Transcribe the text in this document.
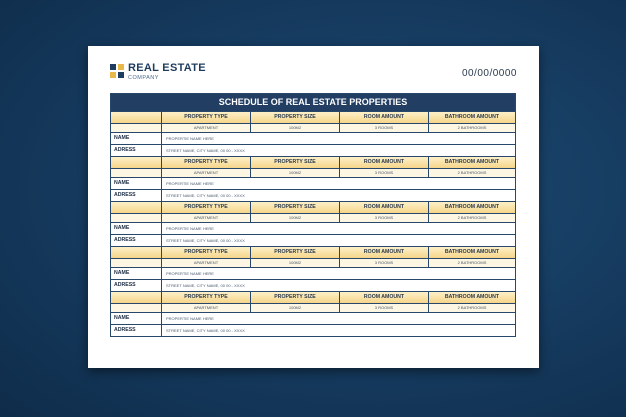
REAL ESTATE
COMPANY	00/00/0000
SCHEDULE OF REAL ESTATE PROPERTIES
PROPERTY TYPE	PROPERTY SIZE	ROOM AMOUNT	BATHROOM AMOUNT
APARTMENT	100M2	3 ROOMS	2 BATHROOMS
NAME	PROPERTIE NAME HERE
ADRESS	STREET NAME, CITY NAME, 00 00 - XXXX
PROPERTY TYPE	PROPERTY SIZE	ROOM AMOUNT	BATHROOM AMOUNT
APARTMENT	100M2	3 ROOMS	2 BATHROOMS
NAME	PROPERTIE NAME HERE
ADRESS	STREET NAME, CITY NAME, 00 00 - XXXX
PROPERTY TYPE	PROPERTY SIZE	ROOM AMOUNT	BATHROOM AMOUNT
APARTMENT	100M2	3 ROOMS	2 BATHROOMS
NAME	PROPERTIE NAME HERE
ADRESS	STREET NAME, CITY NAME, 00 00 - XXXX
PROPERTY TYPE	PROPERTY SIZE	ROOM AMOUNT	BATHROOM AMOUNT
APARTMENT	100M2	3 ROOMS	2 BATHROOMS
NAME	PROPERTIE NAME HERE
ADRESS	STREET NAME, CITY NAME, 00 00 - XXXX
PROPERTY TYPE	PROPERTY SIZE	ROOM AMOUNT	BATHROOM AMOUNT
APARTMENT	100M2	3 ROOMS	2 BATHROOMS
NAME	PROPERTIE NAME HERE
ADRESS	STREET NAME, CITY NAME, 00 00 - XXXX
